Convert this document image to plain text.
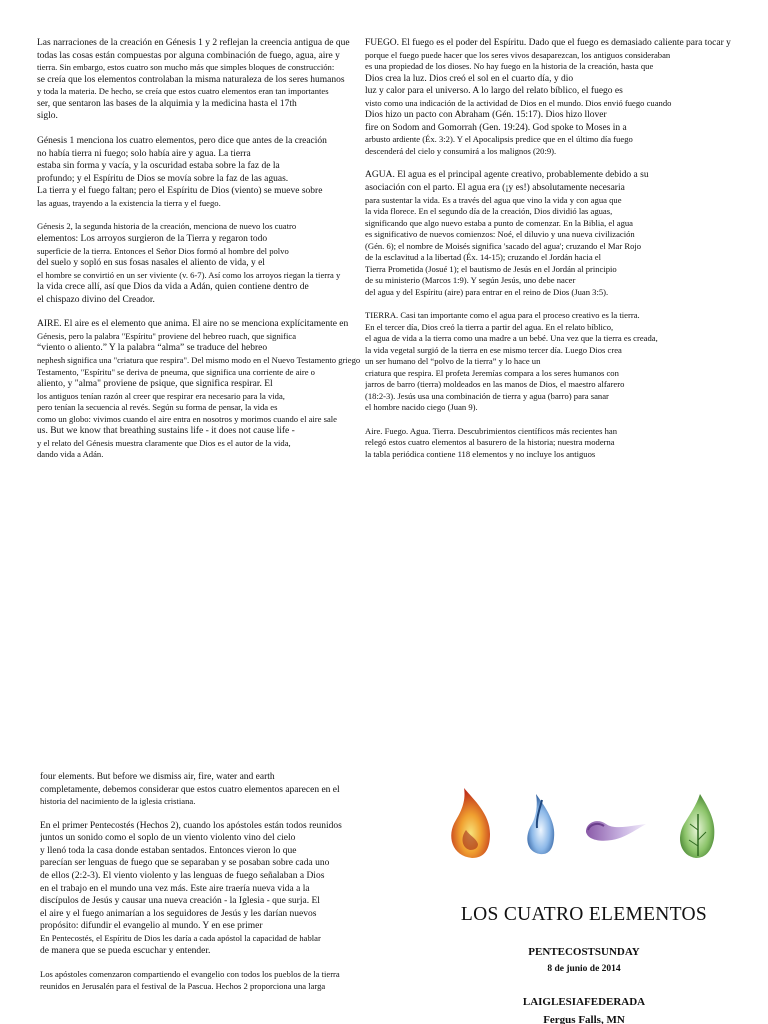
Las narraciones de la creación en Génesis 1 y 2 reflejan la creencia antigua de que
todas las cosas están compuestas por alguna combinación de fuego, agua, aire y
tierra. Sin embargo, estos cuatro son mucho más que simples bloques de construcción:
se creía que los elementos controlaban la misma naturaleza de los seres humanos
y toda la materia. De hecho, se creía que estos cuatro elementos eran tan importantes
ser, que sentaron las bases de la alquimia y la medicina hasta el 17th
siglo.
Génesis 1 menciona los cuatro elementos, pero dice que antes de la creación
no había tierra ni fuego; solo había aire y agua. La tierra
estaba sin forma y vacía, y la oscuridad estaba sobre la faz de la
profundo; y el Espíritu de Dios se movía sobre la faz de las aguas.
La tierra y el fuego faltan; pero el Espíritu de Dios (viento) se mueve sobre
las aguas, trayendo a la existencia la tierra y el fuego.
Génesis 2, la segunda historia de la creación, menciona de nuevo los cuatro
elementos: Los arroyos surgieron de la Tierra y regaron todo
superficie de la tierra. Entonces el Señor Dios formó al hombre del polvo
del suelo y sopló en sus fosas nasales el aliento de vida, y el
el hombre se convirtió en un ser viviente (v. 6-7). Así como los arroyos riegan la tierra y
la vida crece allí, así que Dios da vida a Adán, quien contiene dentro de
el chispazo divino del Creador.
AIRE. El aire es el elemento que anima. El aire no se menciona explícitamente en
Génesis, pero la palabra "Espíritu" proviene del hebreo ruach, que significa
“viento o aliento.” Y la palabra “alma” se traduce del hebreo
nephesh significa una "criatura que respira". Del mismo modo en el Nuevo Testamento griego
Testamento, "Espíritu" se deriva de pneuma, que significa una corriente de aire o
aliento, y "alma" proviene de psique, que significa respirar. El
los antiguos tenían razón al creer que respirar era necesario para la vida,
pero tenían la secuencia al revés. Según su forma de pensar, la vida es
como un globo: vivimos cuando el aire entra en nosotros y morimos cuando el aire sale
us. But we know that breathing sustains life - it does not cause life -
y el relato del Génesis muestra claramente que Dios es el autor de la vida,
dando vida a Adán.
FUEGO. El fuego es el poder del Espíritu. Dado que el fuego es demasiado caliente para tocar y
porque el fuego puede hacer que los seres vivos desaparezcan, los antiguos consideraban
es una propiedad de los dioses. No hay fuego en la historia de la creación, hasta que
Dios crea la luz. Dios creó el sol en el cuarto día, y dio
luz y calor para el universo. A lo largo del relato bíblico, el fuego es
visto como una indicación de la actividad de Dios en el mundo. Dios envió fuego cuando
Dios hizo un pacto con Abraham (Gén. 15:17). Dios hizo llover
fire on Sodom and Gomorrah (Gen. 19:24). God spoke to Moses in a
arbusto ardiente (Éx. 3:2). Y el Apocalipsis predice que en el último día fuego
descenderá del cielo y consumirá a los malignos (20:9).
AGUA. El agua es el principal agente creativo, probablemente debido a su
asociación con el parto. El agua era (¡y es!) absolutamente necesaria
para sustentar la vida. Es a través del agua que vino la vida y con agua que
la vida florece. En el segundo día de la creación, Dios dividió las aguas,
significando que algo nuevo estaba a punto de comenzar. En la Biblia, el agua
es significativo de nuevos comienzos: Noé, el diluvio y una nueva civilización
(Gén. 6); el nombre de Moisés significa 'sacado del agua'; cruzando el Mar Rojo
de la esclavitud a la libertad (Éx. 14-15); cruzando el Jordán hacia el
Tierra Prometida (Josué 1); el bautismo de Jesús en el Jordán al principio
de su ministerio (Marcos 1:9). Y según Jesús, uno debe nacer
del agua y del Espíritu (aire) para entrar en el reino de Dios (Juan 3:5).
TIERRA. Casi tan importante como el agua para el proceso creativo es la tierra.
En el tercer día, Dios creó la tierra a partir del agua. En el relato bíblico,
el agua de vida a la tierra como una madre a un bebé. Una vez que la tierra es creada,
la vida vegetal surgió de la tierra en ese mismo tercer día. Luego Dios crea
un ser humano del “polvo de la tierra” y lo hace un
criatura que respira. El profeta Jeremías compara a los seres humanos con
jarros de barro (tierra) moldeados en las manos de Dios, el maestro alfarero
(18:2-3). Jesús usa una combinación de tierra y agua (barro) para sanar
el hombre nacido ciego (Juan 9).
Aire. Fuego. Agua. Tierra. Descubrimientos científicos más recientes han
relegó estos cuatro elementos al basurero de la historia; nuestra moderna
la tabla periódica contiene 118 elementos y no incluye los antiguos
four elements. But before we dismiss air, fire, water and earth
completamente, debemos considerar que estos cuatro elementos aparecen en el
historia del nacimiento de la iglesia cristiana.
En el primer Pentecostés (Hechos 2), cuando los apóstoles están todos reunidos
juntos un sonido como el soplo de un viento violento vino del cielo
y llenó toda la casa donde estaban sentados. Entonces vieron lo que
parecían ser lenguas de fuego que se separaban y se posaban sobre cada uno
de ellos (2:2-3). El viento violento y las lenguas de fuego señalaban a Dios
en el trabajo en el mundo una vez más. Este aire traería nueva vida a la
discípulos de Jesús y causar una nueva creación - la Iglesia - que surja. El
el aire y el fuego animarían a los seguidores de Jesús y les darían nuevos
propósito: difundir el evangelio al mundo. Y en ese primer
En Pentecostés, el Espíritu de Dios les daría a cada apóstol la capacidad de hablar
de manera que se pueda escuchar y entender.
Los apóstoles comenzaron compartiendo el evangelio con todos los pueblos de la tierra
reunidos en Jerusalén para el festival de la Pascua. Hechos 2 proporciona una larga
LOS CUATRO ELEMENTOS
PENTECOSTSUNDAY
8 de junio de 2014
LAIGLESIAFEDERADA
Fergus Falls, MN
